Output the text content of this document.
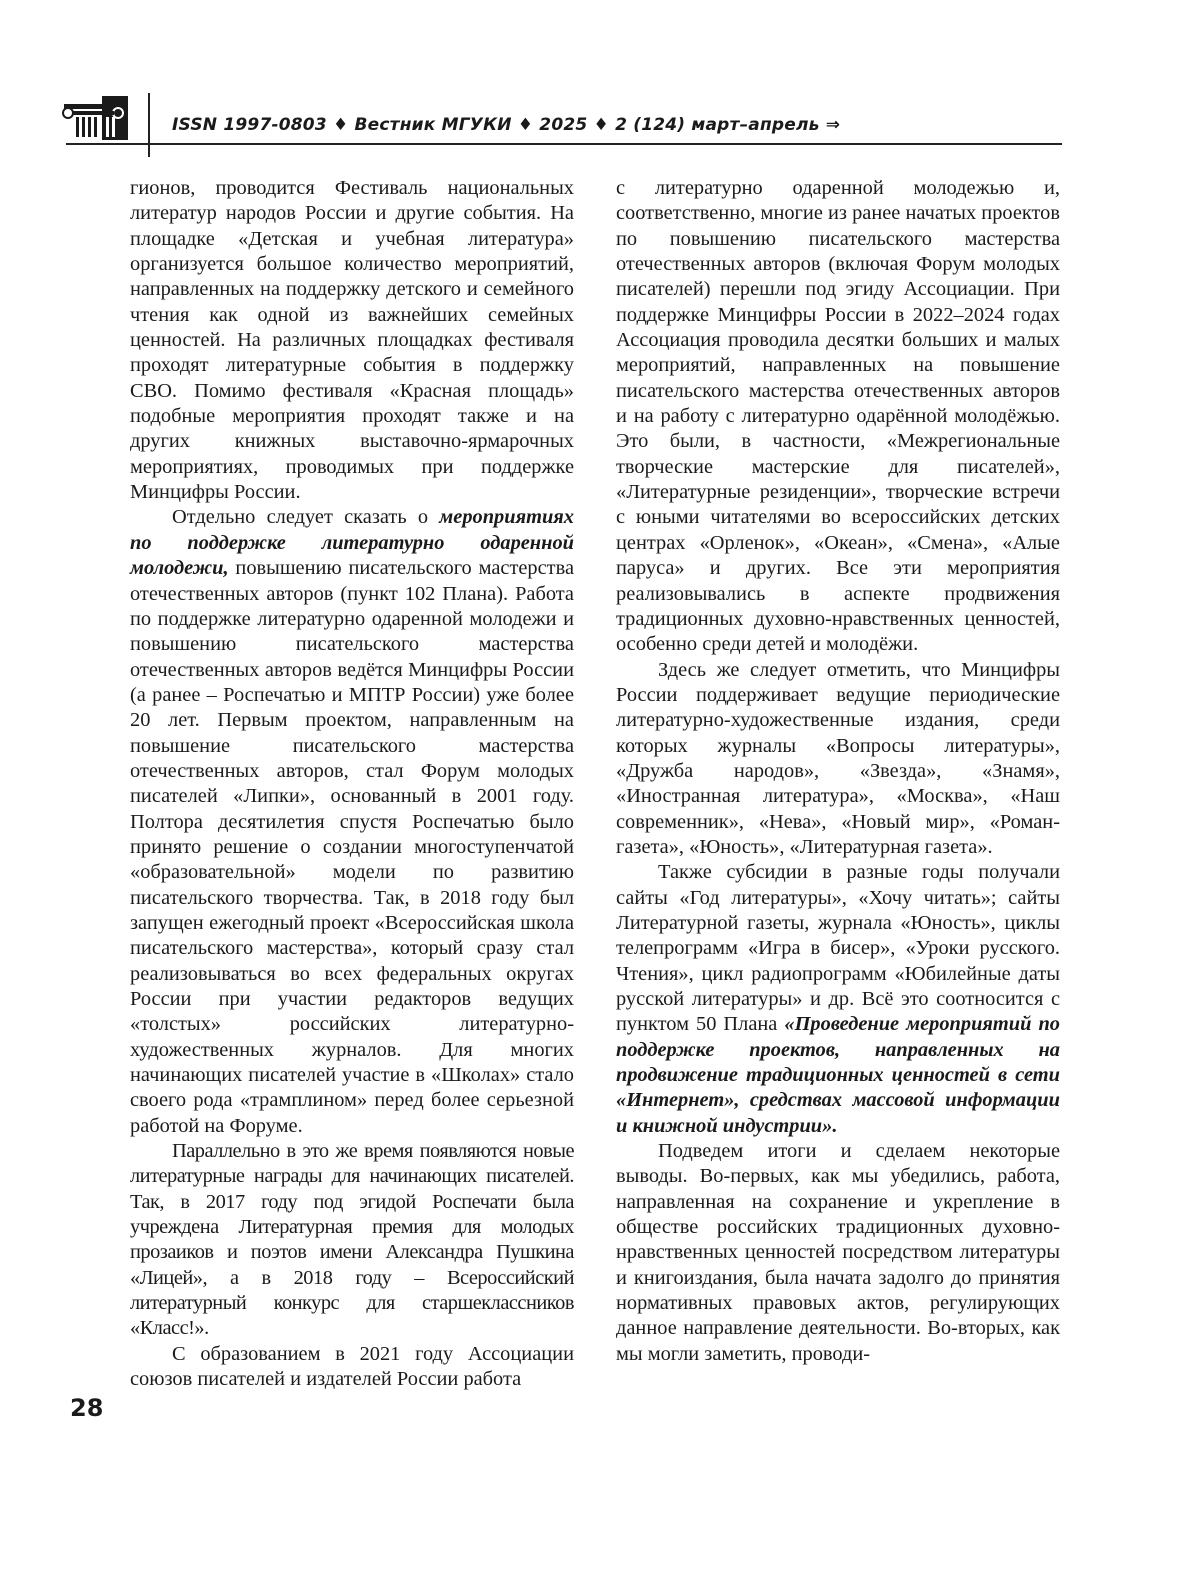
ISSN 1997-0803 ♦ Вестник МГУКИ ♦ 2025 ♦ 2 (124) март–апрель ⇒

гионов, проводится Фестиваль национальных литератур народов России и другие события. На площадке «Детская и учебная литература» организуется большое количество мероприятий, направленных на поддержку детского и семейного чтения как одной из важнейших семейных ценностей. На различных площадках фестиваля проходят литературные события в поддержку СВО. Помимо фестиваля «Красная площадь» подобные мероприятия проходят также и на других книжных выставочно-ярмарочных мероприятиях, проводимых при поддержке Минцифры России.

Отдельно следует сказать о мероприятиях по поддержке литературно одаренной молодежи, повышению писательского мастерства отечественных авторов (пункт 102 Плана). Работа по поддержке литературно одаренной молодежи и повышению писательского мастерства отечественных авторов ведётся Минцифры России (а ранее – Роспечатью и МПТР России) уже более 20 лет. Первым проектом, направленным на повышение писательского мастерства отечественных авторов, стал Форум молодых писателей «Липки», основанный в 2001 году. Полтора десятилетия спустя Роспечатью было принято решение о создании многоступенчатой «образовательной» модели по развитию писательского творчества. Так, в 2018 году был запущен ежегодный проект «Всероссийская школа писательского мастерства», который сразу стал реализовываться во всех федеральных округах России при участии редакторов ведущих «толстых» российских литературно-художественных журналов. Для многих начинающих писателей участие в «Школах» стало своего рода «трамплином» перед более серьезной работой на Форуме.

Параллельно в это же время появляются новые литературные награды для начинающих писателей. Так, в 2017 году под эгидой Роспечати была учреждена Литературная премия для молодых прозаиков и поэтов имени Александра Пушкина «Лицей», а в 2018 году – Всероссийский литературный конкурс для старшеклассников «Класс!».

С образованием в 2021 году Ассоциации союзов писателей и издателей России работа

с литературно одаренной молодежью и, соответственно, многие из ранее начатых проектов по повышению писательского мастерства отечественных авторов (включая Форум молодых писателей) перешли под эгиду Ассоциации. При поддержке Минцифры России в 2022–2024 годах Ассоциация проводила десятки больших и малых мероприятий, направленных на повышение писательского мастерства отечественных авторов и на работу с литературно одарённой молодёжью. Это были, в частности, «Межрегиональные творческие мастерские для писателей», «Литературные резиденции», творческие встречи с юными читателями во всероссийских детских центрах «Орленок», «Океан», «Смена», «Алые паруса» и других. Все эти мероприятия реализовывались в аспекте продвижения традиционных духовно-нравственных ценностей, особенно среди детей и молодёжи.

Здесь же следует отметить, что Минцифры России поддерживает ведущие периодические литературно-художественные издания, среди которых журналы «Вопросы литературы», «Дружба народов», «Звезда», «Знамя», «Иностранная литература», «Москва», «Наш современник», «Нева», «Новый мир», «Роман-газета», «Юность», «Литературная газета».

Также субсидии в разные годы получали сайты «Год литературы», «Хочу читать»; сайты Литературной газеты, журнала «Юность», циклы телепрограмм «Игра в бисер», «Уроки русского. Чтения», цикл радиопрограмм «Юбилейные даты русской литературы» и др. Всё это соотносится с пунктом 50 Плана «Проведение мероприятий по поддержке проектов, направленных на продвижение традиционных ценностей в сети «Интернет», средствах массовой информации и книжной индустрии».

Подведем итоги и сделаем некоторые выводы. Во-первых, как мы убедились, работа, направленная на сохранение и укрепление в обществе российских традиционных духовно-нравственных ценностей посредством литературы и книгоиздания, была начата задолго до принятия нормативных правовых актов, регулирующих данное направление деятельности. Во-вторых, как мы могли заметить, проводи-

28
